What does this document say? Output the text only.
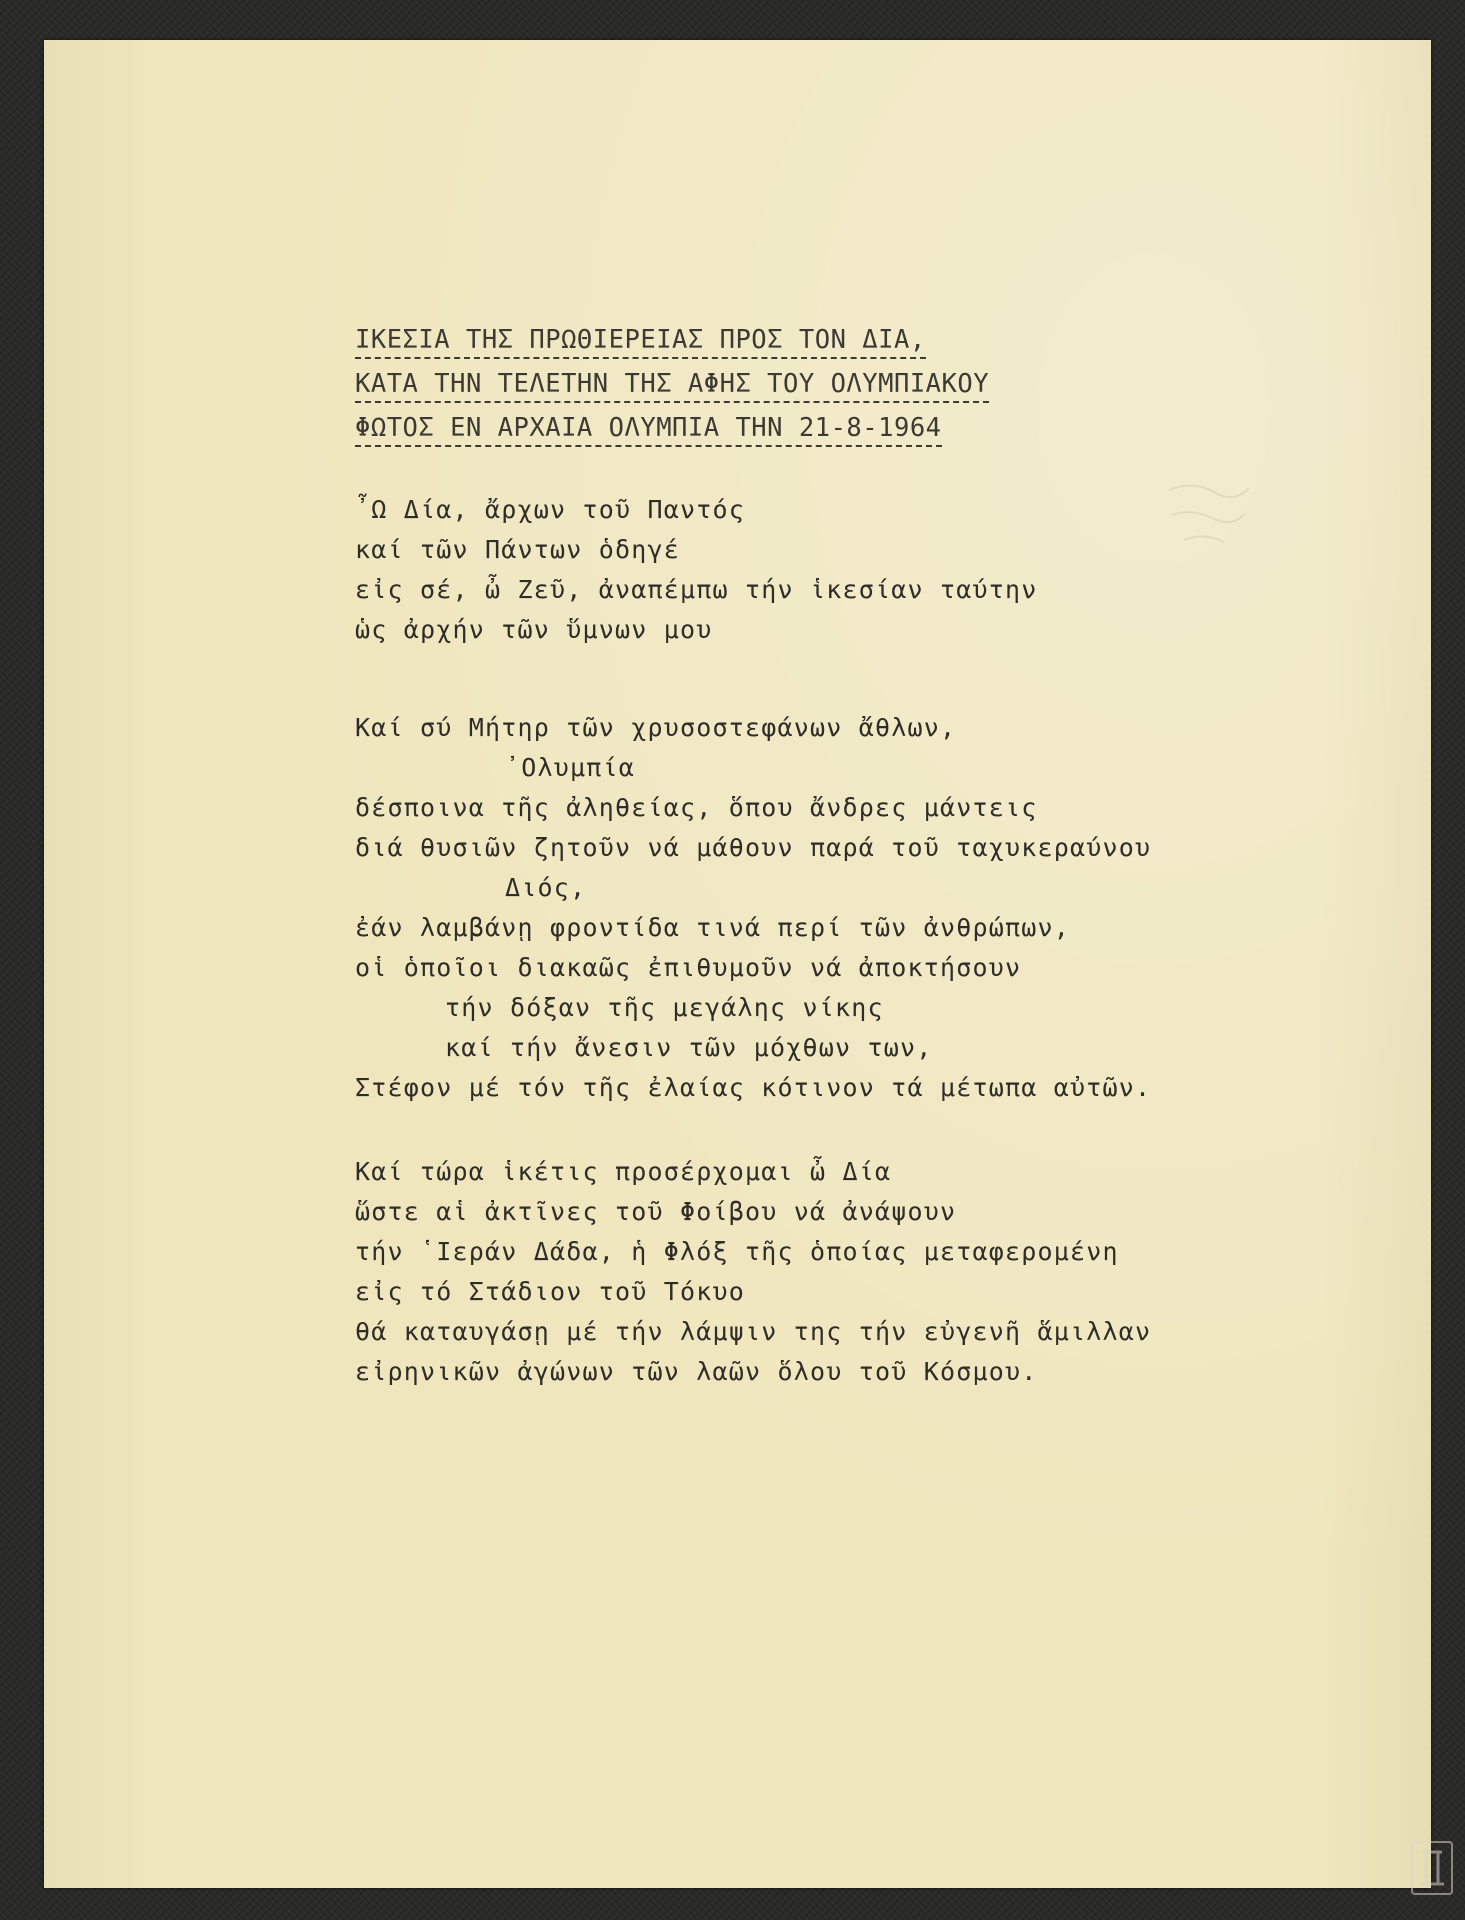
ΙΚΕΣΙΑ ΤΗΣ ΠΡΩΘΙΕΡΕΙΑΣ ΠΡΟΣ ΤΟΝ ΔΙΑ,
ΚΑΤΑ ΤΗΝ ΤΕΛΕΤΗΝ ΤΗΣ ΑΦΗΣ ΤΟΥ ΟΛΥΜΠΙΑΚΟΥ
ΦΩΤΟΣ ΕΝ ΑΡΧΑΙΑ ΟΛΥΜΠΙΑ ΤΗΝ 21-8-1964
῏Ω Δία, ἄρχων τοῦ Παντός
καί τῶν Πάντων ὁδηγέ
εἰς σέ, ὦ Ζεῦ, ἀναπέμπω τήν ἱκεσίαν ταύτην
ὡς ἀρχήν τῶν ὕμνων μου
Καί σύ Μήτηρ τῶν χρυσοστεφάνων ἄθλων,
᾿Ολυμπία
δέσποινα τῆς ἀληθείας, ὅπου ἄνδρες μάντεις
διά θυσιῶν ζητοῦν νά μάθουν παρά τοῦ ταχυκεραύνου
Διός,
ἐάν λαμβάνῃ φροντίδα τινά περί τῶν ἀνθρώπων,
οἱ ὁποῖοι διακαῶς ἐπιθυμοῦν νά ἀποκτήσουν
τήν δόξαν τῆς μεγάλης νίκης
καί τήν ἄνεσιν τῶν μόχθων των,
Στέφον μέ τόν τῆς ἐλαίας κότινον τά μέτωπα αὐτῶν.
Καί τώρα ἱκέτις προσέρχομαι ὦ Δία
ὥστε αἱ ἀκτῖνες τοῦ Φοίβου νά ἀνάψουν
τήν ῾Ιεράν Δάδα, ἡ Φλόξ τῆς ὁποίας μεταφερομένη
εἰς τό Στάδιον τοῦ Τόκυο
θά καταυγάσῃ μέ τήν λάμψιν της τήν εὐγενῆ ἅμιλλαν
εἰρηνικῶν ἀγώνων τῶν λαῶν ὅλου τοῦ Κόσμου.
